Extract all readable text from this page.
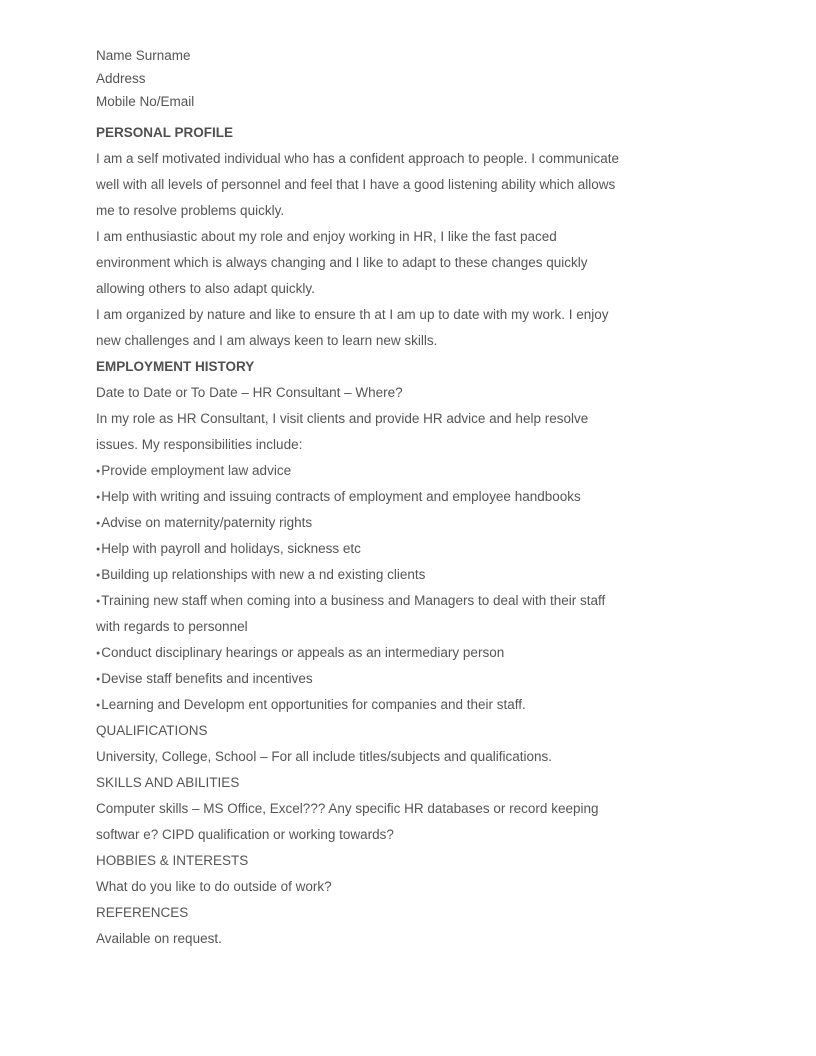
Name Surname
Address
Mobile No/Email
PERSONAL PROFILE
I am a self motivated individual who has a confident approach to people. I communicate
well with all levels of personnel and feel that I have a good listening ability which allows
me to resolve problems quickly.
I am enthusiastic about my role and enjoy working in HR, I like the fast paced
environment which is always changing and I like to adapt to these changes quickly
allowing others to also adapt quickly.
I am organized by nature and like to ensure th at I am up to date with my work. I enjoy
new challenges and I am always keen to learn new skills.
EMPLOYMENT HISTORY
Date to Date or To Date – HR Consultant – Where?
In my role as HR Consultant, I visit clients and provide HR advice and help resolve
issues. My responsibilities include:
● Provide employment law advice
● Help with writing and issuing contracts of employment and employee handbooks
● Advise on maternity/paternity rights
● Help with payroll and holidays, sickness etc
● Building up relationships with new a nd existing clients
● Training new staff when coming into a business and Managers to deal with their staff
with regards to personnel
● Conduct disciplinary hearings or appeals as an intermediary person
● Devise staff benefits and incentives
● Learning and Developm ent opportunities for companies and their staff.
QUALIFICATIONS
University, College, School – For all include titles/subjects and qualifications.
SKILLS AND ABILITIES
Computer skills – MS Office, Excel??? Any specific HR databases or record keeping
softwar e? CIPD qualification or working towards?
HOBBIES & INTERESTS
What do you like to do outside of work?
REFERENCES
Available on request.
